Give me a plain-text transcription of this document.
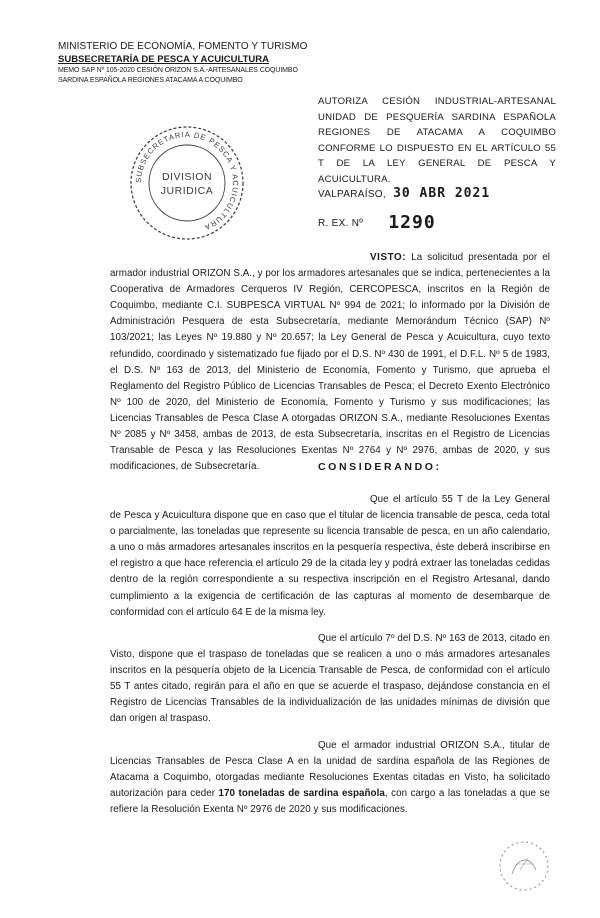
MINISTERIO DE ECONOMÍA, FOMENTO Y TURISMO
SUBSECRETARÍA DE PESCA Y ACUICULTURA
MEMO SAP Nº 105-2020 CESIÓN ORIZON S.A.-ARTESANALES COQUIMBO
SARDINA ESPAÑOLA REGIONES ATACAMA A COQUIMBO
AUTORIZA CESIÓN INDUSTRIAL-ARTESANAL UNIDAD DE PESQUERÍA SARDINA ESPAÑOLA REGIONES DE ATACAMA A COQUIMBO CONFORME LO DISPUESTO EN EL ARTÍCULO 55 T DE LA LEY GENERAL DE PESCA Y ACUICULTURA.
SUBSECRETARIA DE PESCA Y ACUICULTURA
DIVISION
JURIDICA	VALPARAÍSO, 30 ABR 2021
R. EX. Nº 1290
VISTO: La solicitud presentada por el armador industrial ORIZON S.A., y por los armadores artesanales que se indica, pertenecientes a la Cooperativa de Armadores Cerqueros IV Región, CERCOPESCA, inscritos en la Región de Coquimbo, mediante C.I. SUBPESCA VIRTUAL Nº 994 de 2021; lo informado por la División de Administración Pesquera de esta Subsecretaría, mediante Memorándum Técnico (SAP) Nº 103/2021; las Leyes Nº 19.880 y Nº 20.657; la Ley General de Pesca y Acuicultura, cuyo texto refundido, coordinado y sistematizado fue fijado por el D.S. Nº 430 de 1991, el D.F.L. Nº 5 de 1983, el D.S. Nº 163 de 2013, del Ministerio de Economía, Fomento y Turismo, que aprueba el Reglamento del Registro Público de Licencias Transables de Pesca; el Decreto Exento Electrónico Nº 100 de 2020, del Ministerio de Economía, Fomento y Turismo y sus modificaciones; las Licencias Transables de Pesca Clase A otorgadas ORIZON S.A., mediante Resoluciones Exentas Nº 2085 y Nº 3458, ambas de 2013, de esta Subsecretaría, inscritas en el Registro de Licencias Transable de Pesca y las Resoluciones Exentas Nº 2764 y Nº 2976, ambas de 2020, y sus modificaciones, de Subsecretaría.	CONSIDERANDO:
Que el artículo 55 T de la Ley General de Pesca y Acuicultura dispone que en caso que el titular de licencia transable de pesca, ceda total o parcialmente, las toneladas que represente su licencia transable de pesca, en un año calendario, a uno o más armadores artesanales inscritos en la pesquería respectiva, éste deberá inscribirse en el registro a que hace referencia el artículo 29 de la citada ley y podrá extraer las toneladas cedidas dentro de la región correspondiente a su respectiva inscripción en el Registro Artesanal, dando cumplimiento a la exigencia de certificación de las capturas al momento de desembarque de conformidad con el artículo 64 E de la misma ley.
Que el artículo 7º del D.S. Nº 163 de 2013, citado en Visto, dispone que el traspaso de toneladas que se realicen a uno o más armadores artesanales inscritos en la pesquería objeto de la Licencia Transable de Pesca, de conformidad con el artículo 55 T antes citado, regirán para el año en que se acuerde el traspaso, dejándose constancia en el Registro de Licencias Transables de la individualización de las unidades mínimas de división que dan origen al traspaso.
Que el armador industrial ORIZON S.A., titular de Licencias Transables de Pesca Clase A en la unidad de sardina española de las Regiones de Atacama a Coquimbo, otorgadas mediante Resoluciones Exentas citadas en Visto, ha solicitado autorización para ceder 170 toneladas de sardina española, con cargo a las toneladas a que se refiere la Resolución Exenta Nº 2976 de 2020 y sus modificaciones.
